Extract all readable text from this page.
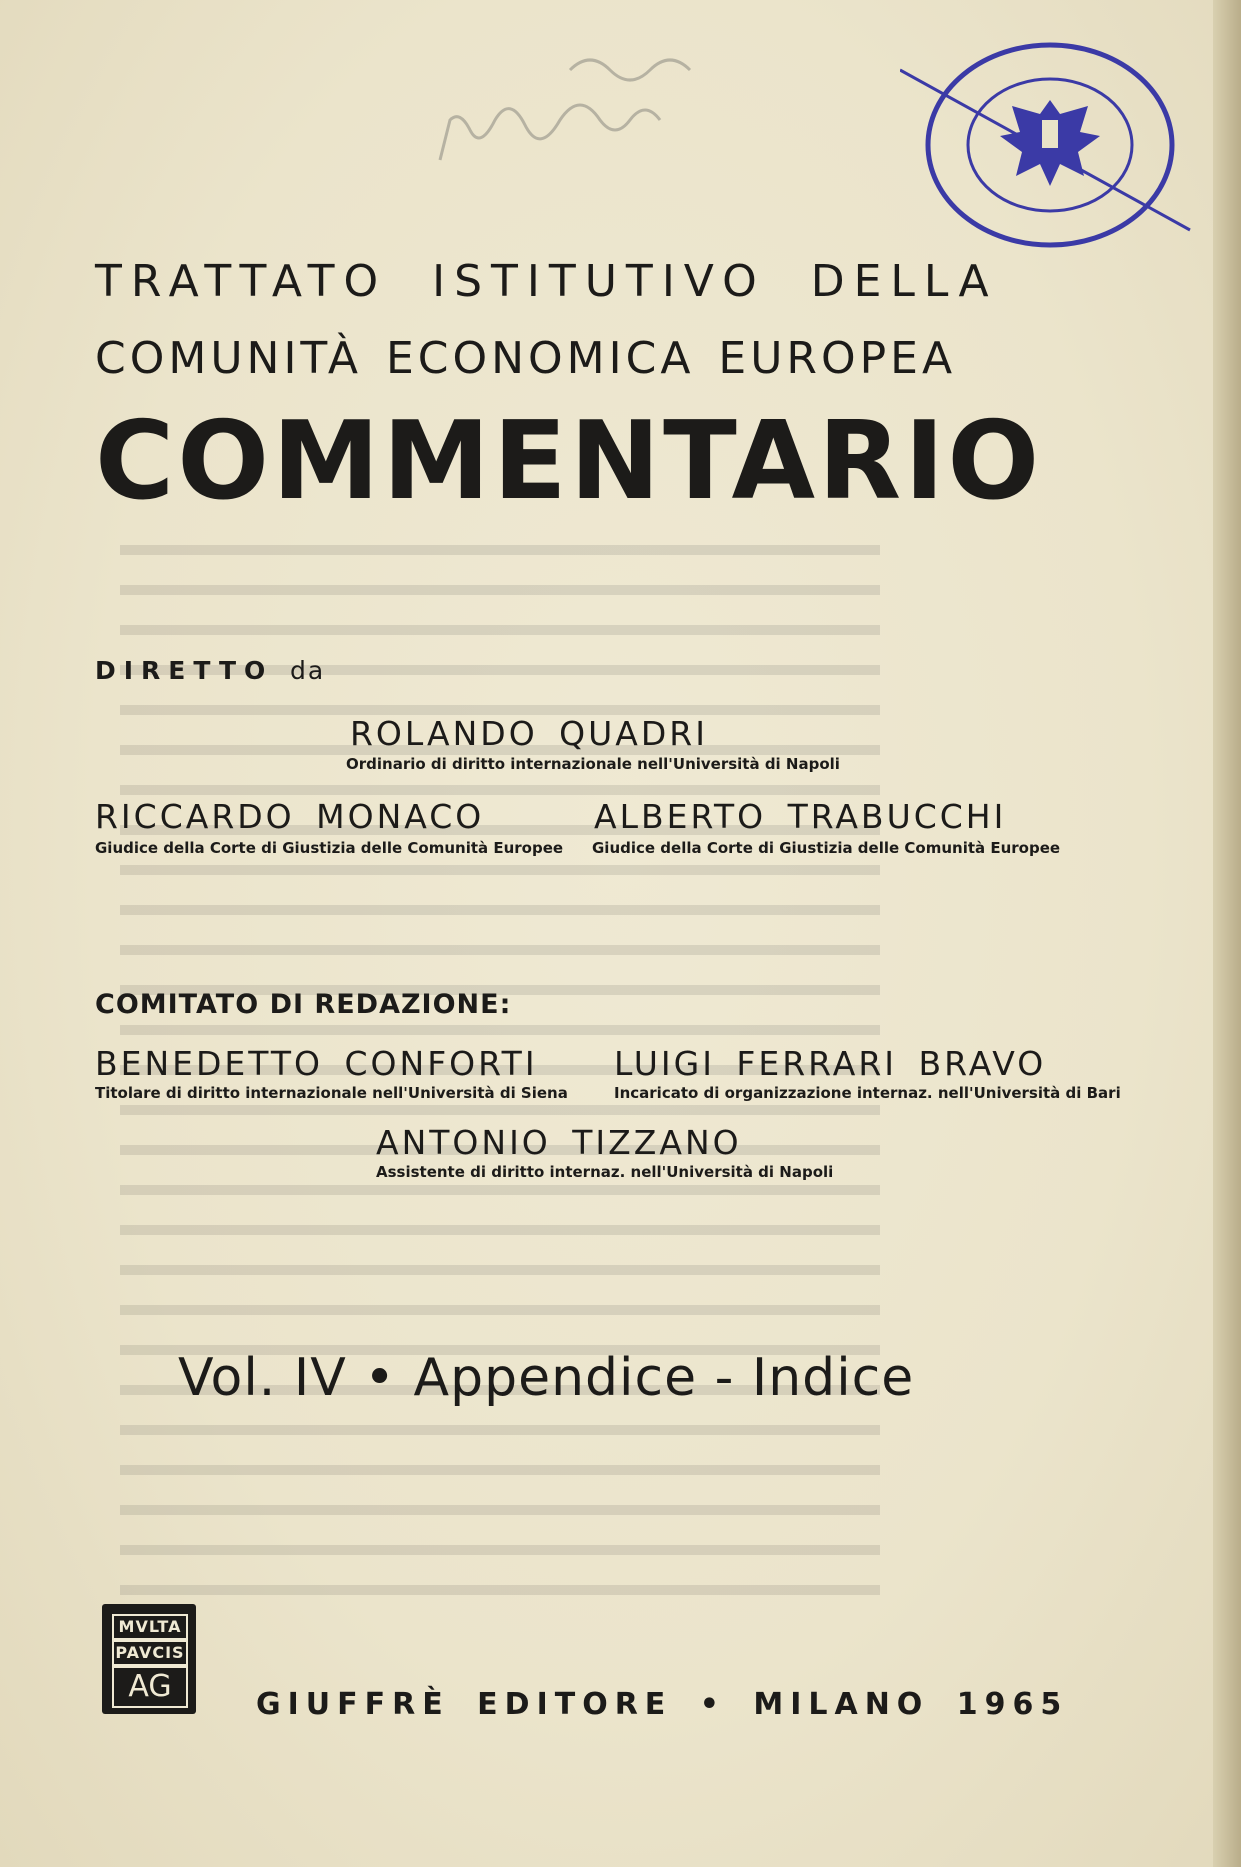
TRATTATO ISTITUTIVO DELLA
COMUNITÀ ECONOMICA EUROPEA
COMMENTARIO
DIRETTO da
ROLANDO QUADRI
Ordinario di diritto internazionale nell'Università di Napoli
RICCARDO MONACO
Giudice della Corte di Giustizia delle Comunità Europee
ALBERTO TRABUCCHI
Giudice della Corte di Giustizia delle Comunità Europee
COMITATO DI REDAZIONE:
BENEDETTO CONFORTI
Titolare di diritto internazionale nell'Università di Siena
LUIGI FERRARI BRAVO
Incaricato di organizzazione internaz. nell'Università di Bari
ANTONIO TIZZANO
Assistente di diritto internaz. nell'Università di Napoli
Vol. IV • Appendice - Indice
MVLTA
PAVCIS
AG
GIUFFRÈ EDITORE • MILANO 1965
